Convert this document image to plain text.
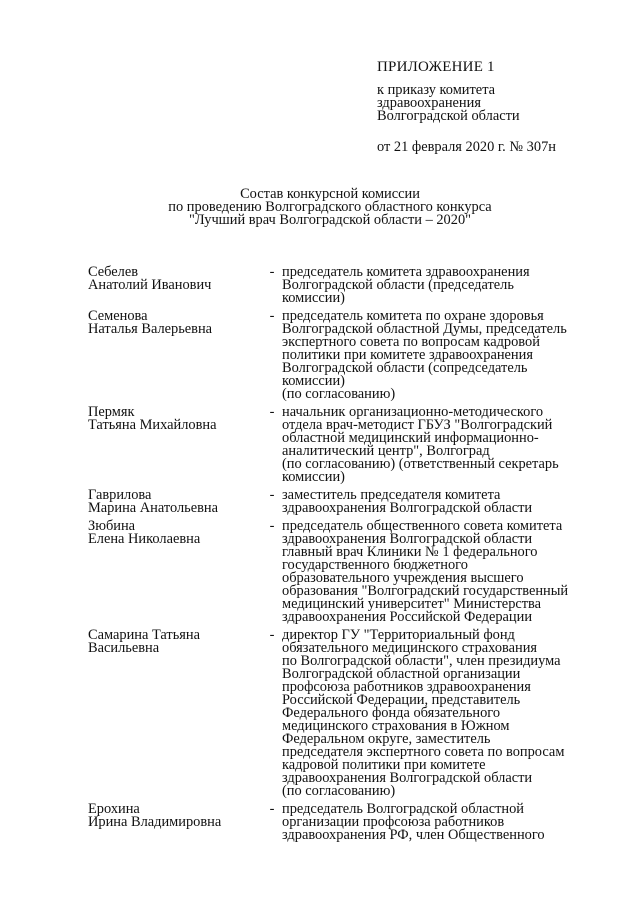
ПРИЛОЖЕНИЕ 1
к приказу комитета
здравоохранения
Волгоградской области
от 21 февраля 2020 г. № 307н
Состав конкурсной комиссии
по проведению Волгоградского областного конкурса
"Лучший врач Волгоградской области – 2020"
Себелев
Анатолий Иванович
- председатель комитета здравоохранения
Волгоградской области (председатель
комиссии)
Семенова
Наталья Валерьевна
- председатель комитета по охране здоровья
Волгоградской областной Думы, председатель
экспертного совета по вопросам кадровой
политики при комитете здравоохранения
Волгоградской области (сопредседатель
комиссии)
(по согласованию)
Пермяк
Татьяна Михайловна
- начальник организационно-методического
отдела врач-методист ГБУЗ "Волгоградский
областной медицинский информационно-
аналитический центр", Волгоград
(по согласованию) (ответственный секретарь
комиссии)
Гаврилова
Марина Анатольевна
- заместитель председателя комитета
здравоохранения Волгоградской области
Зюбина
Елена Николаевна
- председатель общественного совета комитета
здравоохранения Волгоградской области
главный врач Клиники № 1 федерального
государственного бюджетного
образовательного учреждения высшего
образования "Волгоградский государственный
медицинский университет" Министерства
здравоохранения Российской Федерации
Самарина Татьяна
Васильевна
- директор ГУ "Территориальный фонд
обязательного медицинского страхования
по Волгоградской области", член президиума
Волгоградской областной организации
профсоюза работников здравоохранения
Российской Федерации, представитель
Федерального фонда обязательного
медицинского страхования в Южном
Федеральном округе, заместитель
председателя экспертного совета по вопросам
кадровой политики при комитете
здравоохранения Волгоградской области
(по согласованию)
Ерохина
Ирина Владимировна
- председатель Волгоградской областной
организации профсоюза работников
здравоохранения РФ, член Общественного
